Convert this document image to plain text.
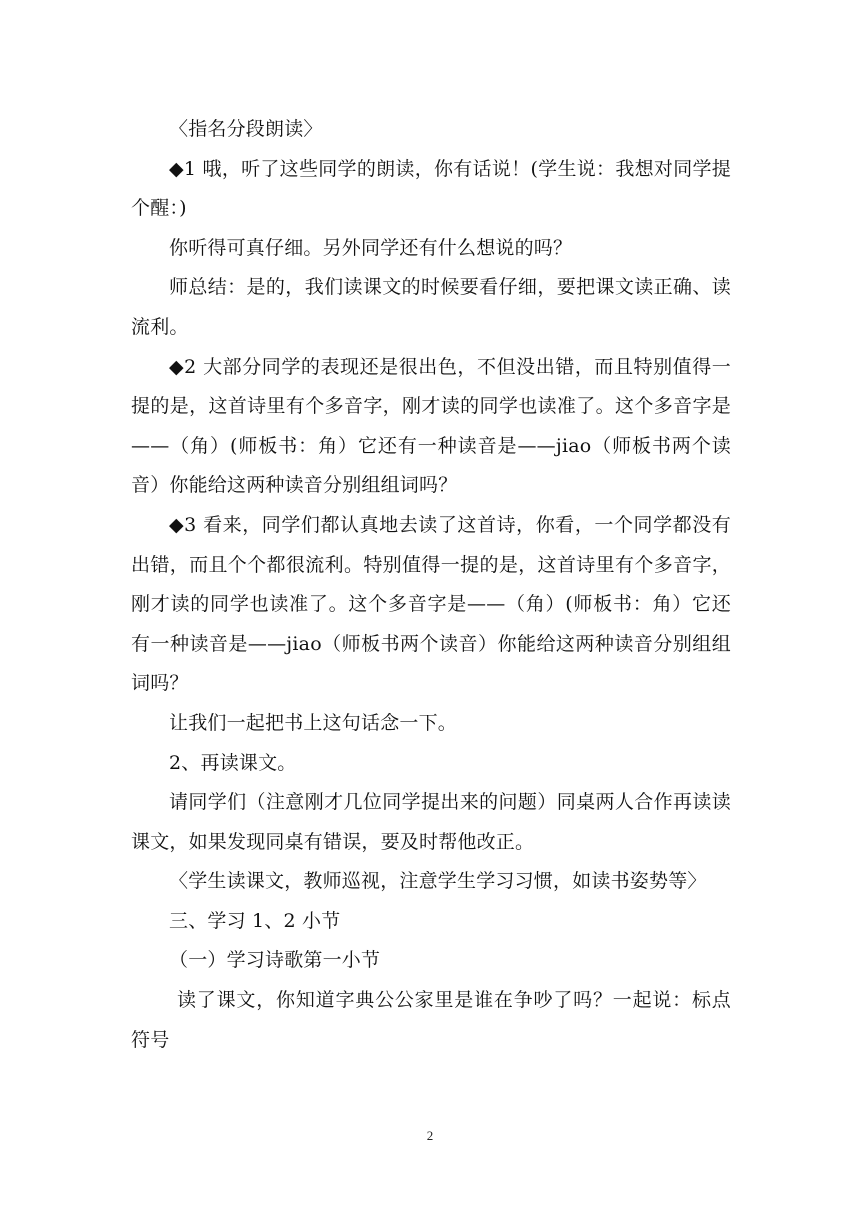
〈指名分段朗读〉

◆1 哦，听了这些同学的朗读，你有话说！(学生说：我想对同学提个醒：)

你听得可真仔细。另外同学还有什么想说的吗？

师总结：是的，我们读课文的时候要看仔细，要把课文读正确、读流利。

◆2 大部分同学的表现还是很出色，不但没出错，而且特别值得一提的是，这首诗里有个多音字，刚才读的同学也读准了。这个多音字是——（角）(师板书：角）它还有一种读音是——jiao（师板书两个读音）你能给这两种读音分别组组词吗？

◆3 看来，同学们都认真地去读了这首诗，你看，一个同学都没有出错，而且个个都很流利。特别值得一提的是，这首诗里有个多音字，刚才读的同学也读准了。这个多音字是——（角）(师板书：角）它还有一种读音是——jiao（师板书两个读音）你能给这两种读音分别组组词吗？

让我们一起把书上这句话念一下。

2、再读课文。

请同学们（注意刚才几位同学提出来的问题）同桌两人合作再读读课文，如果发现同桌有错误，要及时帮他改正。

〈学生读课文，教师巡视，注意学生学习习惯，如读书姿势等〉

三、学习 1、2 小节

（一）学习诗歌第一小节

读了课文，你知道字典公公家里是谁在争吵了吗？一起说：标点符号

2
